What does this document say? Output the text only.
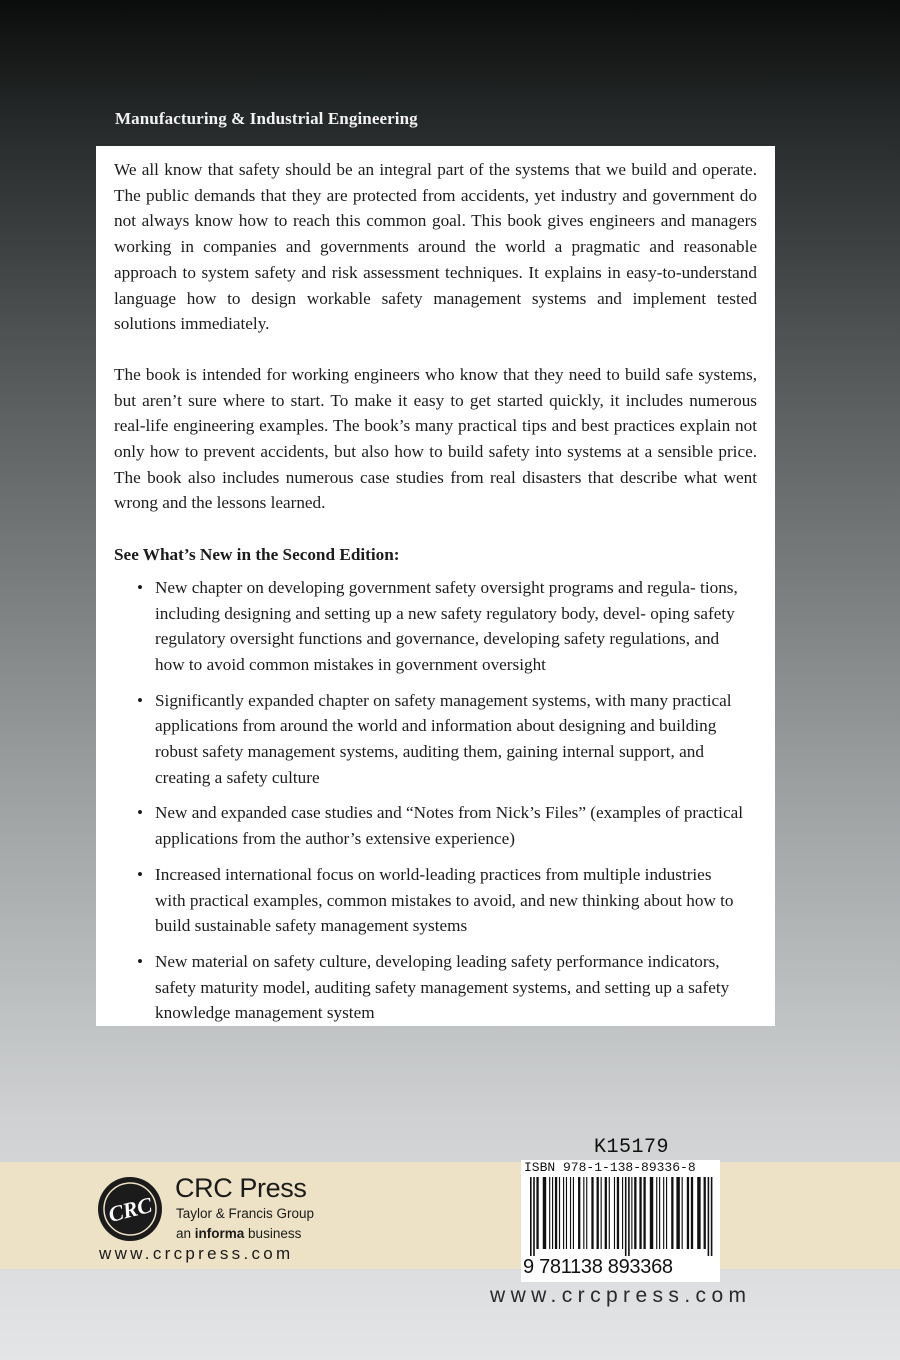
Manufacturing & Industrial Engineering

We all know that safety should be an integral part of the systems that we build and operate. The public demands that they are protected from accidents, yet industry and government do not always know how to reach this common goal. This book gives engineers and managers working in companies and governments around the world a pragmatic and reasonable approach to system safety and risk assessment techniques. It explains in easy-to-understand language how to design workable safety management systems and implement tested solutions immediately.

The book is intended for working engineers who know that they need to build safe systems, but aren’t sure where to start. To make it easy to get started quickly, it includes numerous real-life engineering examples. The book’s many practical tips and best practices explain not only how to prevent accidents, but also how to build safety into systems at a sensible price. The book also includes numerous case studies from real disasters that describe what went wrong and the lessons learned.

See What’s New in the Second Edition:
• New chapter on developing government safety oversight programs and regula- tions, including designing and setting up a new safety regulatory body, devel- oping safety regulatory oversight functions and governance, developing safety regulations, and how to avoid common mistakes in government oversight
• Significantly expanded chapter on safety management systems, with many practical applications from around the world and information about designing and building robust safety management systems, auditing them, gaining internal support, and creating a safety culture
• New and expanded case studies and “Notes from Nick’s Files” (examples of practical applications from the author’s extensive experience)
• Increased international focus on world-leading practices from multiple industries with practical examples, common mistakes to avoid, and new thinking about how to build sustainable safety management systems
• New material on safety culture, developing leading safety performance indicators, safety maturity model, auditing safety management systems, and setting up a safety knowledge management system
CRC
CRC Press
Taylor & Francis Group
an informa business
www.crcpress.com
K15179
ISBN 978-1-138-89336-8
9 781138 893368
www.crcpress.com
